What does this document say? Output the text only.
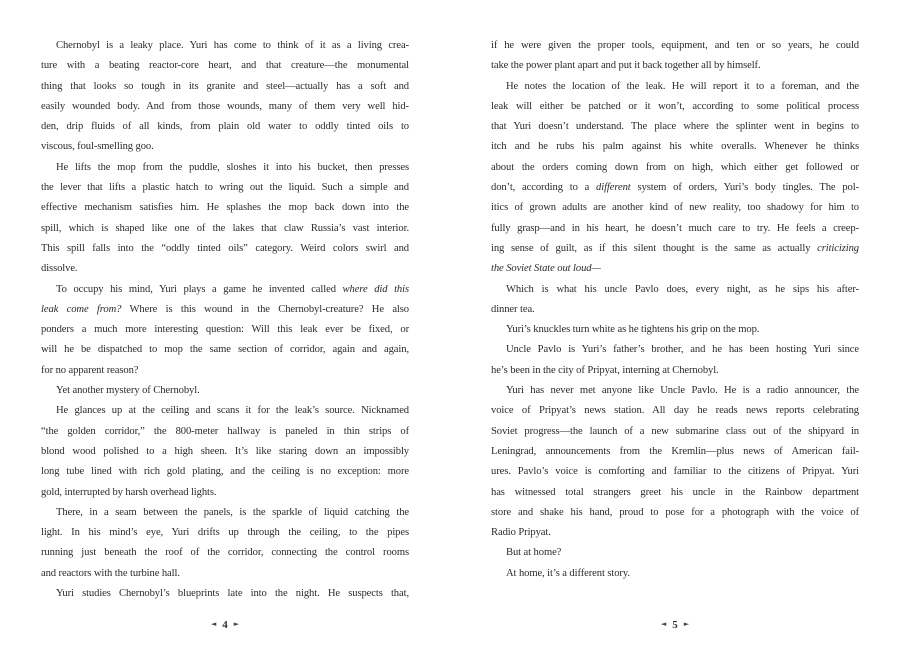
Chernobyl is a leaky place. Yuri has come to think of it as a living crea-
ture with a beating reactor-core heart, and that creature—the monumental
thing that looks so tough in its granite and steel—actually has a soft and
easily wounded body. And from those wounds, many of them very well hid-
den, drip fluids of all kinds, from plain old water to oddly tinted oils to
viscous, foul-smelling goo.
He lifts the mop from the puddle, sloshes it into his bucket, then presses
the lever that lifts a plastic hatch to wring out the liquid. Such a simple and
effective mechanism satisfies him. He splashes the mop back down into the
spill, which is shaped like one of the lakes that claw Russia’s vast interior.
This spill falls into the “oddly tinted oils” category. Weird colors swirl and
dissolve.
To occupy his mind, Yuri plays a game he invented called where did this
leak come from? Where is this wound in the Chernobyl-creature? He also
ponders a much more interesting question: Will this leak ever be fixed, or
will he be dispatched to mop the same section of corridor, again and again,
for no apparent reason?
Yet another mystery of Chernobyl.
He glances up at the ceiling and scans it for the leak’s source. Nicknamed
“the golden corridor,” the 800-meter hallway is paneled in thin strips of
blond wood polished to a high sheen. It’s like staring down an impossibly
long tube lined with rich gold plating, and the ceiling is no exception: more
gold, interrupted by harsh overhead lights.
There, in a seam between the panels, is the sparkle of liquid catching the
light. In his mind’s eye, Yuri drifts up through the ceiling, to the pipes
running just beneath the roof of the corridor, connecting the control rooms
and reactors with the turbine hall.
Yuri studies Chernobyl’s blueprints late into the night. He suspects that,
◄ 4 ►
if he were given the proper tools, equipment, and ten or so years, he could
take the power plant apart and put it back together all by himself.
He notes the location of the leak. He will report it to a foreman, and the
leak will either be patched or it won’t, according to some political process
that Yuri doesn’t understand. The place where the splinter went in begins to
itch and he rubs his palm against his white overalls. Whenever he thinks
about the orders coming down from on high, which either get followed or
don’t, according to a different system of orders, Yuri’s body tingles. The pol-
itics of grown adults are another kind of new reality, too shadowy for him to
fully grasp—and in his heart, he doesn’t much care to try. He feels a creep-
ing sense of guilt, as if this silent thought is the same as actually criticizing
the Soviet State out loud—
Which is what his uncle Pavlo does, every night, as he sips his after-
dinner tea.
Yuri’s knuckles turn white as he tightens his grip on the mop.
Uncle Pavlo is Yuri’s father’s brother, and he has been hosting Yuri since
he’s been in the city of Pripyat, interning at Chernobyl.
Yuri has never met anyone like Uncle Pavlo. He is a radio announcer, the
voice of Pripyat’s news station. All day he reads news reports celebrating
Soviet progress—the launch of a new submarine class out of the shipyard in
Leningrad, announcements from the Kremlin—plus news of American fail-
ures. Pavlo’s voice is comforting and familiar to the citizens of Pripyat. Yuri
has witnessed total strangers greet his uncle in the Rainbow department
store and shake his hand, proud to pose for a photograph with the voice of
Radio Pripyat.
But at home?
At home, it’s a different story.
◄ 5 ►
